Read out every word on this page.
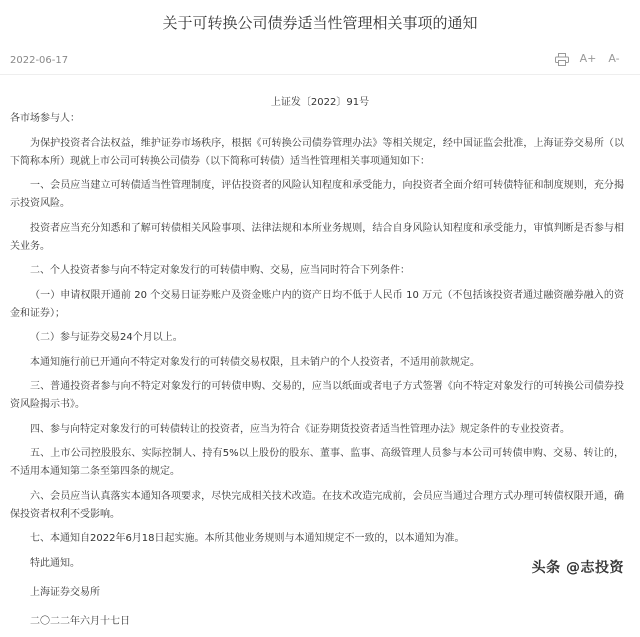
关于可转换公司债券适当性管理相关事项的通知
2022-06-17	A+ A-
上证发〔2022〕91号

各市场参与人：

为保护投资者合法权益，维护证券市场秩序，根据《可转换公司债券管理办法》等相关规定，经中国证监会批准，上海证券交易所（以下简称本所）现就上市公司可转换公司债券（以下简称可转债）适当性管理相关事项通知如下：

一、会员应当建立可转债适当性管理制度，评估投资者的风险认知程度和承受能力，向投资者全面介绍可转债特征和制度规则，充分揭示投资风险。

投资者应当充分知悉和了解可转债相关风险事项、法律法规和本所业务规则，结合自身风险认知程度和承受能力，审慎判断是否参与相关业务。

二、个人投资者参与向不特定对象发行的可转债申购、交易，应当同时符合下列条件：

（一）申请权限开通前 20 个交易日证券账户及资金账户内的资产日均不低于人民币 10 万元（不包括该投资者通过融资融券融入的资金和证券）；

（二）参与证券交易24个月以上。

本通知施行前已开通向不特定对象发行的可转债交易权限，且未销户的个人投资者，不适用前款规定。

三、普通投资者参与向不特定对象发行的可转债申购、交易的，应当以纸面或者电子方式签署《向不特定对象发行的可转换公司债券投资风险揭示书》。

四、参与向特定对象发行的可转债转让的投资者，应当为符合《证券期货投资者适当性管理办法》规定条件的专业投资者。

五、上市公司控股股东、实际控制人、持有5%以上股份的股东、董事、监事、高级管理人员参与本公司可转债申购、交易、转让的，不适用本通知第二条至第四条的规定。

六、会员应当认真落实本通知各项要求，尽快完成相关技术改造。在技术改造完成前，会员应当通过合理方式办理可转债权限开通，确保投资者权利不受影响。

七、本通知自2022年6月18日起实施。本所其他业务规则与本通知规定不一致的，以本通知为准。

特此通知。

上海证券交易所

二〇二二年六月十七日

头条 @志投资
